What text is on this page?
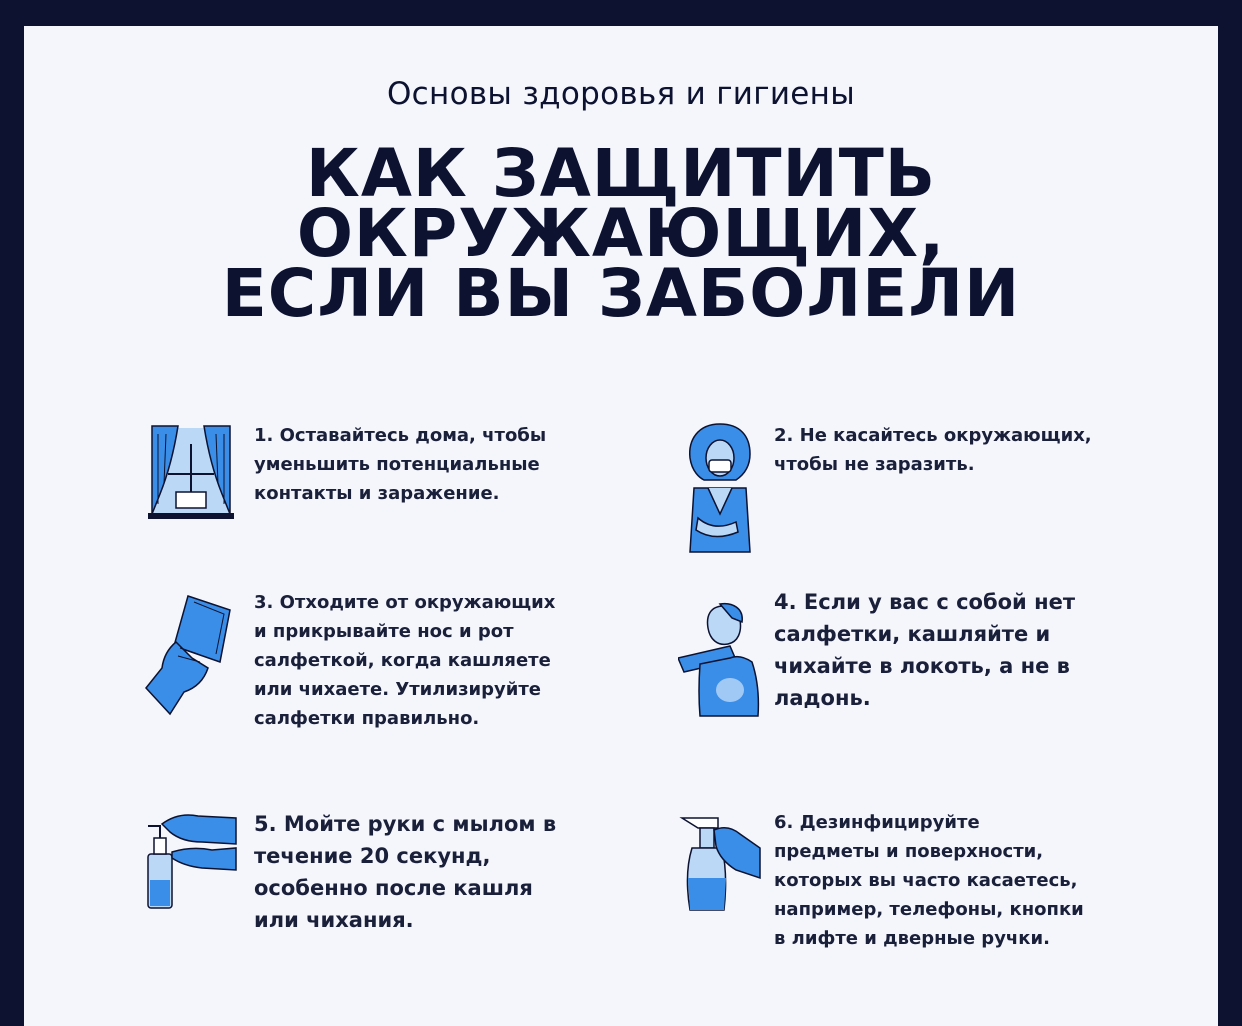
Основы здоровья и гигиены
КАК ЗАЩИТИТЬ
ОКРУЖАЮЩИХ,
ЕСЛИ ВЫ ЗАБОЛЕЛИ
1. Оставайтесь дома, чтобы
уменьшить потенциальные
контакты и заражение.
2. Не касайтесь окружающих,
чтобы не заразить.
3. Отходите от окружающих
и прикрывайте нос и рот
салфеткой, когда кашляете
или чихаете. Утилизируйте
салфетки правильно.
4. Если у вас с собой нет
салфетки, кашляйте и
чихайте в локоть, а не в
ладонь.
5. Мойте руки с мылом в
течение 20 секунд,
особенно после кашля
или чихания.
6. Дезинфицируйте
предметы и поверхности,
которых вы часто касаетесь,
например, телефоны, кнопки
в лифте и дверные ручки.
